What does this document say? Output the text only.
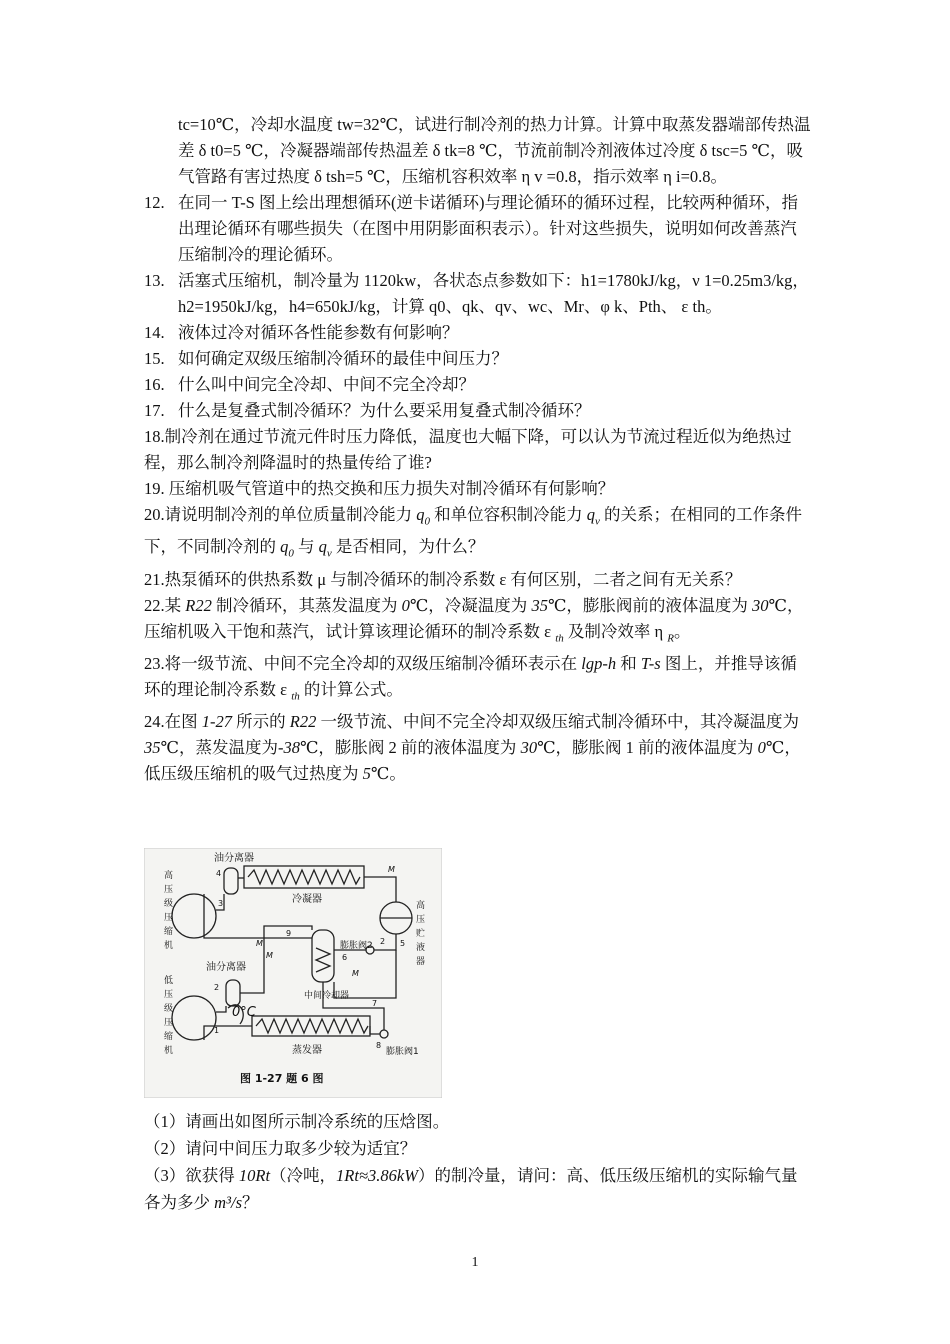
tc=10℃，冷却水温度 tw=32℃，试进行制冷剂的热力计算。计算中取蒸发器端部传热温差 δ t0=5 ℃，冷凝器端部传热温差 δ tk=8 ℃，节流前制冷剂液体过冷度 δ tsc=5 ℃，吸气管路有害过热度 δ tsh=5 ℃，压缩机容积效率 η v =0.8，指示效率 η i=0.8。

12. 在同一 T-S 图上绘出理想循环(逆卡诺循环)与理论循环的循环过程，比较两种循环，指出理论循环有哪些损失（在图中用阴影面积表示）。针对这些损失，说明如何改善蒸汽压缩制冷的理论循环。
13. 活塞式压缩机，制冷量为 1120kw，各状态点参数如下：h1=1780kJ/kg，ν 1=0.25m3/kg，h2=1950kJ/kg，h4=650kJ/kg，计算 q0、qk、qv、wc、Mr、φ k、Pth、 ε th。
14. 液体过冷对循环各性能参数有何影响？
15. 如何确定双级压缩制冷循环的最佳中间压力？
16. 什么叫中间完全冷却、中间不完全冷却？
17. 什么是复叠式制冷循环？为什么要采用复叠式制冷循环？

18.制冷剂在通过节流元件时压力降低，温度也大幅下降，可以认为节流过程近似为绝热过程，那么制冷剂降温时的热量传给了谁?

19. 压缩机吸气管道中的热交换和压力损失对制冷循环有何影响？

20.请说明制冷剂的单位质量制冷能力 $q_0$ 和单位容积制冷能力 $q_v$ 的关系；在相同的工作条件下，不同制冷剂的 $q_0$ 与 $q_v$ 是否相同，为什么？

21.热泵循环的供热系数 μ 与制冷循环的制冷系数 ε 有何区别，二者之间有无关系？

22.某 R22 制冷循环，其蒸发温度为 0℃，冷凝温度为 35℃，膨胀阀前的液体温度为 30℃，压缩机吸入干饱和蒸汽，试计算该理论循环的制冷系数 ε $_{th}$ 及制冷效率 η $_R$。

23.将一级节流、中间不完全冷却的双级压缩制冷循环表示在 lgp-h 和 T-s 图上，并推导该循环的理论制冷系数 ε $_{th}$ 的计算公式。

24.在图 1-27 所示的 R22 一级节流、中间不完全冷却双级压缩式制冷循环中，其冷凝温度为 35℃，蒸发温度为-38℃，膨胀阀 2 前的液体温度为 30℃，膨胀阀 1 前的液体温度为 0℃，低压级压缩机的吸气过热度为 5℃。

油分离器
冷凝器
M
M
M
M
油分离器
膨胀阀2
中间冷却器
蒸发器	膨胀阀1
0°C
高
压
级
压
缩
机
低
压
级
压
缩
机
高
压
贮
液
器
1
2
3
4
5
6
7
8
9
2
图 1-27 题 6 图

（1）请画出如图所示制冷系统的压焓图。

（2）请问中间压力取多少较为适宜？

（3）欲获得 10Rt（冷吨，1Rt≈3.86kW）的制冷量，请问：高、低压级压缩机的实际输气量各为多少 m³/s？

1
